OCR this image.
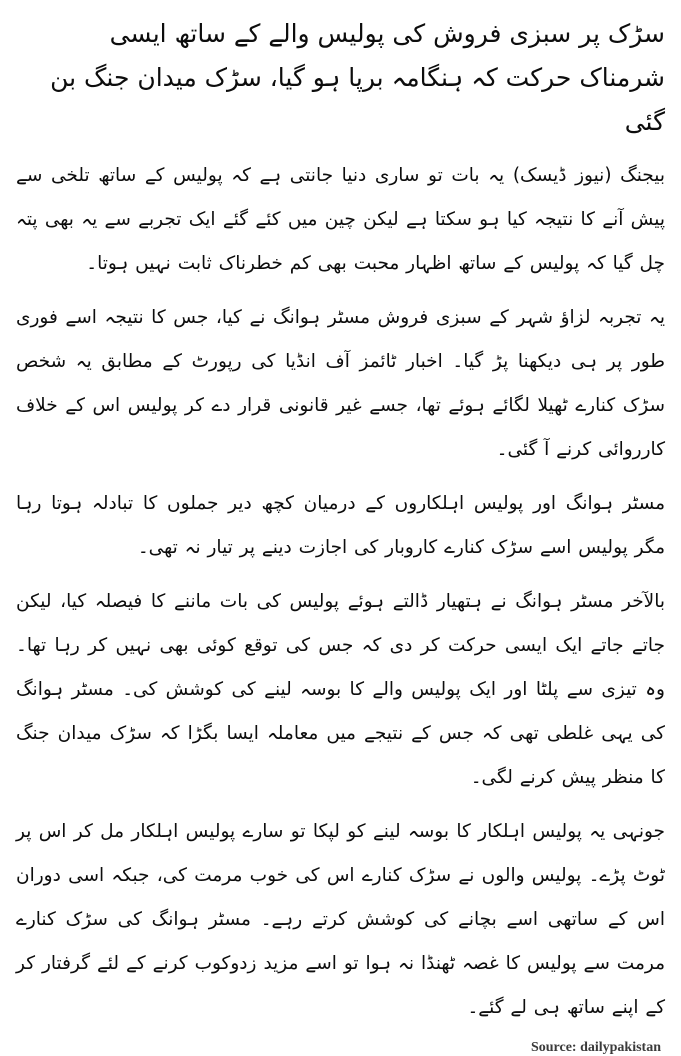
سڑک پر سبزی فروش کی پولیس والے کے ساتھ ایسی شرمناک حرکت کہ ہنگامہ برپا ہو گیا، سڑک میدان جنگ بن گئی

بیجنگ (نیوز ڈیسک) یہ بات تو ساری دنیا جانتی ہے کہ پولیس کے ساتھ تلخی سے پیش آنے کا نتیجہ کیا ہو سکتا ہے لیکن چین میں کئے گئے ایک تجربے سے یہ بھی پتہ چل گیا کہ پولیس کے ساتھ اظہار محبت بھی کم خطرناک ثابت نہیں ہوتا۔

یہ تجربہ لزاؤ شہر کے سبزی فروش مسٹر ہوانگ نے کیا، جس کا نتیجہ اسے فوری طور پر ہی دیکھنا پڑ گیا۔ اخبار ٹائمز آف انڈیا کی رپورٹ کے مطابق یہ شخص سڑک کنارے ٹھیلا لگائے ہوئے تھا، جسے غیر قانونی قرار دے کر پولیس اس کے خلاف کارروائی کرنے آ گئی۔

مسٹر ہوانگ اور پولیس اہلکاروں کے درمیان کچھ دیر جملوں کا تبادلہ ہوتا رہا مگر پولیس اسے سڑک کنارے کاروبار کی اجازت دینے پر تیار نہ تھی۔

بالآخر مسٹر ہوانگ نے ہتھیار ڈالتے ہوئے پولیس کی بات ماننے کا فیصلہ کیا، لیکن جاتے جاتے ایک ایسی حرکت کر دی کہ جس کی توقع کوئی بھی نہیں کر رہا تھا۔ وہ تیزی سے پلٹا اور ایک پولیس والے کا بوسہ لینے کی کوشش کی۔ مسٹر ہوانگ کی یہی غلطی تھی کہ جس کے نتیجے میں معاملہ ایسا بگڑا کہ سڑک میدان جنگ کا منظر پیش کرنے لگی۔

جونہی یہ پولیس اہلکار کا بوسہ لینے کو لپکا تو سارے پولیس اہلکار مل کر اس پر ٹوٹ پڑے۔ پولیس والوں نے سڑک کنارے اس کی خوب مرمت کی، جبکہ اسی دوران اس کے ساتھی اسے بچانے کی کوشش کرتے رہے۔ مسٹر ہوانگ کی سڑک کنارے مرمت سے پولیس کا غصہ ٹھنڈا نہ ہوا تو اسے مزید زدوکوب کرنے کے لئے گرفتار کر کے اپنے ساتھ ہی لے گئے۔

Source: dailypakistan
